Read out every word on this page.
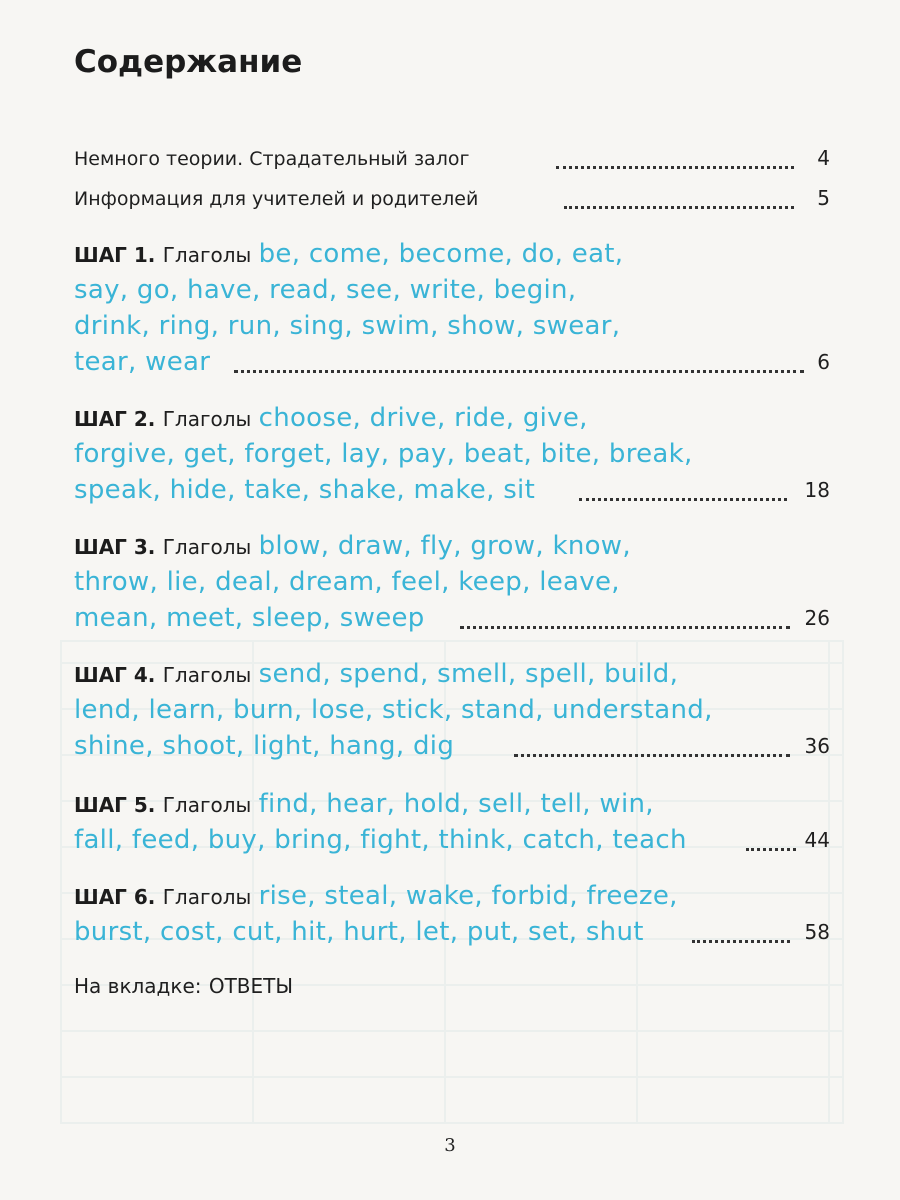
Содержание
Немного теории. Страдательный залог	4
Информация для учителей и родителей	5
ШАГ 1. Глаголы be, come, become, do, eat,
say, go, have, read, see, write, begin,
drink, ring, run, sing, swim, show, swear,
tear, wear	6
ШАГ 2. Глаголы choose, drive, ride, give,
forgive, get, forget, lay, pay, beat, bite, break,
speak, hide, take, shake, make, sit	18
ШАГ 3. Глаголы blow, draw, fly, grow, know,
throw, lie, deal, dream, feel, keep, leave,
mean, meet, sleep, sweep	26
ШАГ 4. Глаголы send, spend, smell, spell, build,
lend, learn, burn, lose, stick, stand, understand,
shine, shoot, light, hang, dig	36
ШАГ 5. Глаголы find, hear, hold, sell, tell, win,
fall, feed, buy, bring, fight, think, catch, teach	44
ШАГ 6. Глаголы rise, steal, wake, forbid, freeze,
burst, cost, cut, hit, hurt, let, put, set, shut	58
На вкладке: ОТВЕТЫ
3
